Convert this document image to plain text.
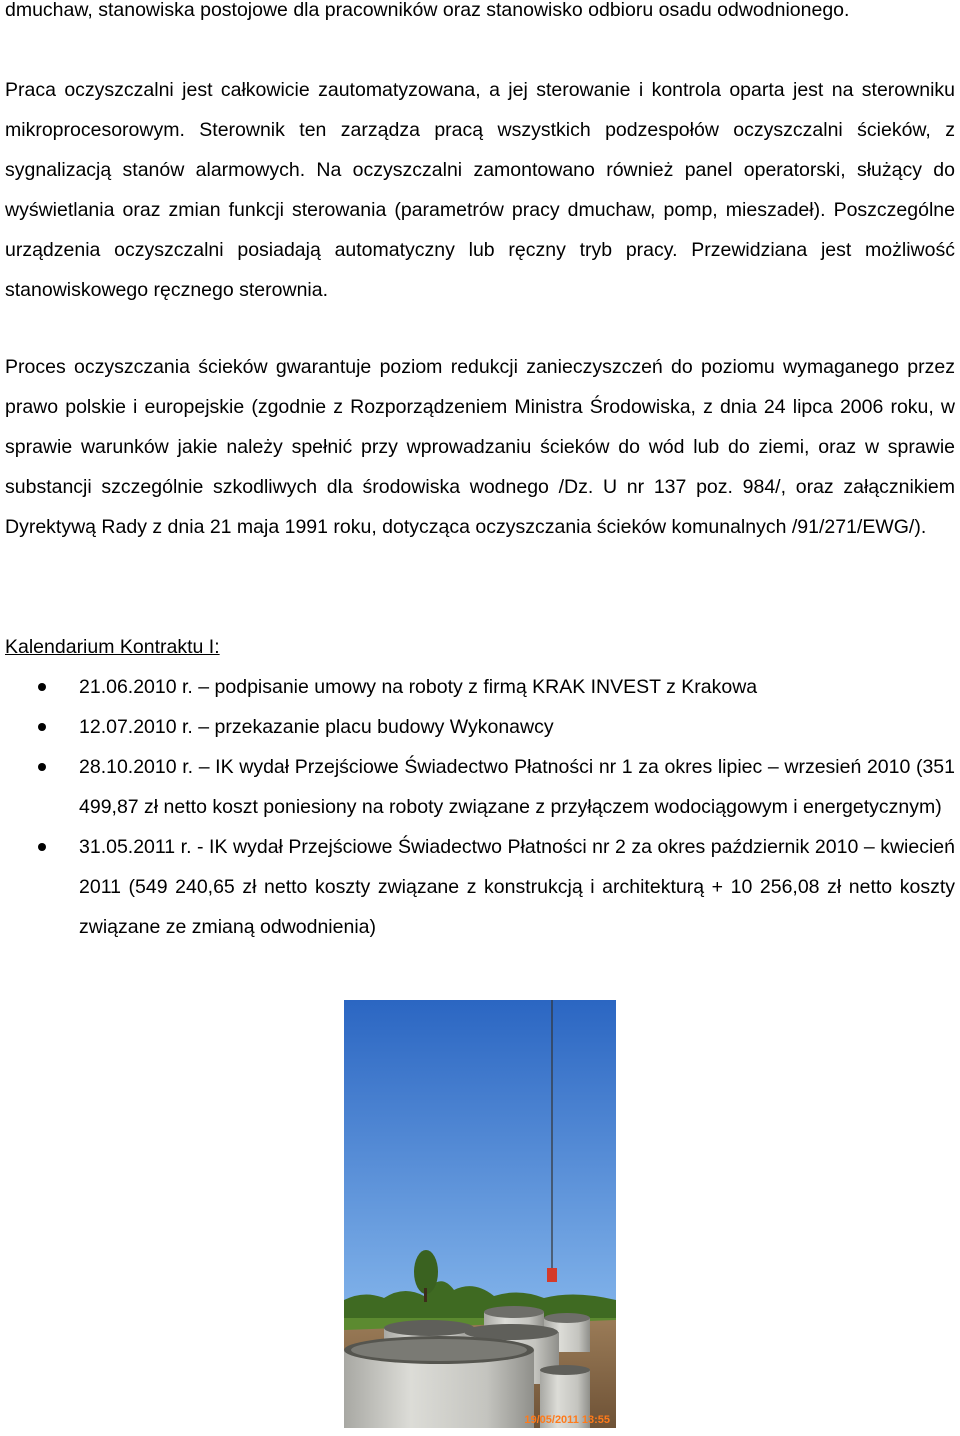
dmuchaw, stanowiska postojowe dla pracowników oraz stanowisko odbioru osadu odwodnionego.

Praca oczyszczalni jest całkowicie zautomatyzowana, a jej sterowanie i kontrola oparta jest na sterowniku mikroprocesorowym. Sterownik ten zarządza pracą wszystkich podzespołów oczyszczalni ścieków, z sygnalizacją stanów alarmowych. Na oczyszczalni zamontowano również panel operatorski, służący do wyświetlania oraz zmian funkcji sterowania (parametrów pracy dmuchaw, pomp, mieszadeł). Poszczególne urządzenia oczyszczalni posiadają automatyczny lub ręczny tryb pracy. Przewidziana jest możliwość stanowiskowego ręcznego sterownia.

Proces oczyszczania ścieków gwarantuje poziom redukcji zanieczyszczeń do poziomu wymaganego przez prawo polskie i europejskie (zgodnie z Rozporządzeniem Ministra Środowiska, z dnia 24 lipca 2006 roku, w sprawie warunków jakie należy spełnić przy wprowadzaniu ścieków do wód lub do ziemi, oraz w sprawie substancji szczególnie szkodliwych dla środowiska wodnego /Dz. U nr 137 poz. 984/, oraz załącznikiem Dyrektywą Rady z dnia 21 maja 1991 roku, dotycząca oczyszczania ścieków komunalnych /91/271/EWG/).

Kalendarium Kontraktu I:

21.06.2010 r. – podpisanie umowy na roboty z firmą KRAK INVEST z Krakowa
12.07.2010 r. – przekazanie placu budowy Wykonawcy
28.10.2010 r. – IK wydał Przejściowe Świadectwo Płatności nr 1 za okres lipiec – wrzesień 2010 (351 499,87 zł netto koszt poniesiony na roboty związane z przyłączem wodociągowym i energetycznym)
31.05.2011 r. - IK wydał Przejściowe Świadectwo Płatności nr 2 za okres październik 2010 – kwiecień 2011 (549 240,65 zł netto koszty związane z konstrukcją i architekturą + 10 256,08 zł netto koszty związane ze zmianą odwodnienia)
19/05/2011 13:55
